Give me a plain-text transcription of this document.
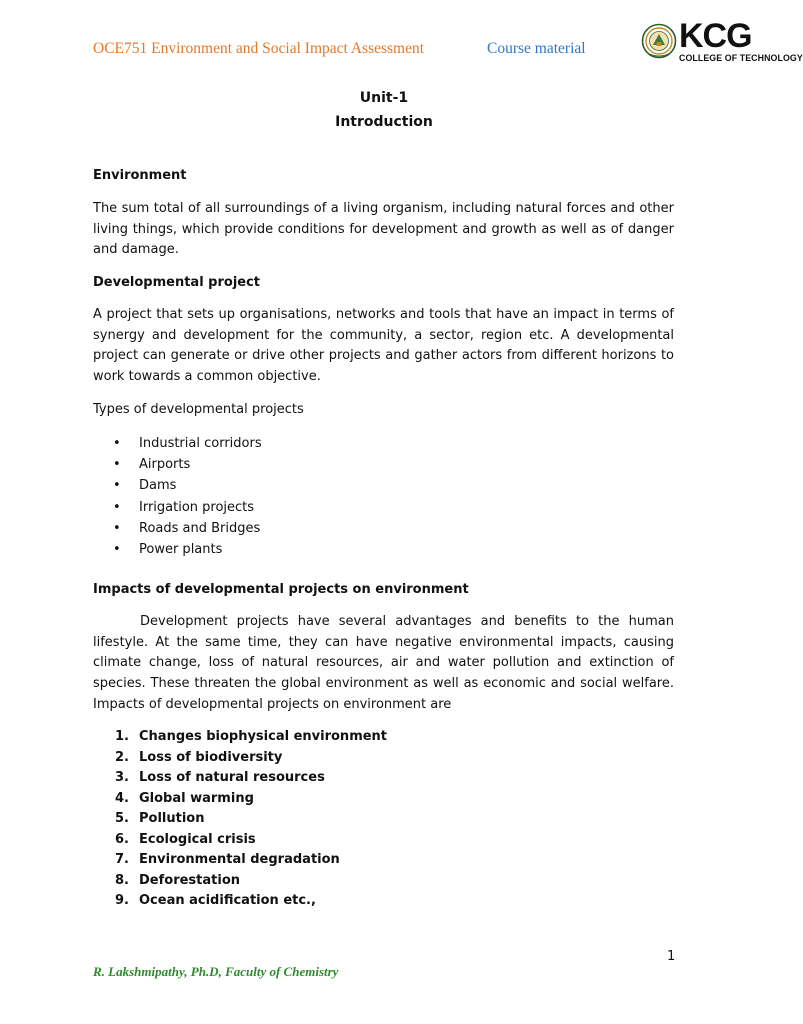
OCE751 Environment and Social Impact Assessment	Course material	KCG
COLLEGE OF TECHNOLOGY
Unit-1
Introduction
Environment
The sum total of all surroundings of a living organism, including natural forces and other living things, which provide conditions for development and growth as well as of danger and damage.
Developmental project
A project that sets up organisations, networks and tools that have an impact in terms of synergy and development for the community, a sector, region etc. A developmental project can generate or drive other projects and gather actors from different horizons to work towards a common objective.
Types of developmental projects
• Industrial corridors
• Airports
• Dams
• Irrigation projects
• Roads and Bridges
• Power plants
Impacts of developmental projects on environment
Development projects have several advantages and benefits to the human lifestyle. At the same time, they can have negative environmental impacts, causing climate change, loss of natural resources, air and water pollution and extinction of species. These threaten the global environment as well as economic and social welfare. Impacts of developmental projects on environment are
1. Changes biophysical environment
2. Loss of biodiversity
3. Loss of natural resources
4. Global warming
5. Pollution
6. Ecological crisis
7. Environmental degradation
8. Deforestation
9. Ocean acidification etc.,
1
R. Lakshmipathy, Ph.D, Faculty of Chemistry
